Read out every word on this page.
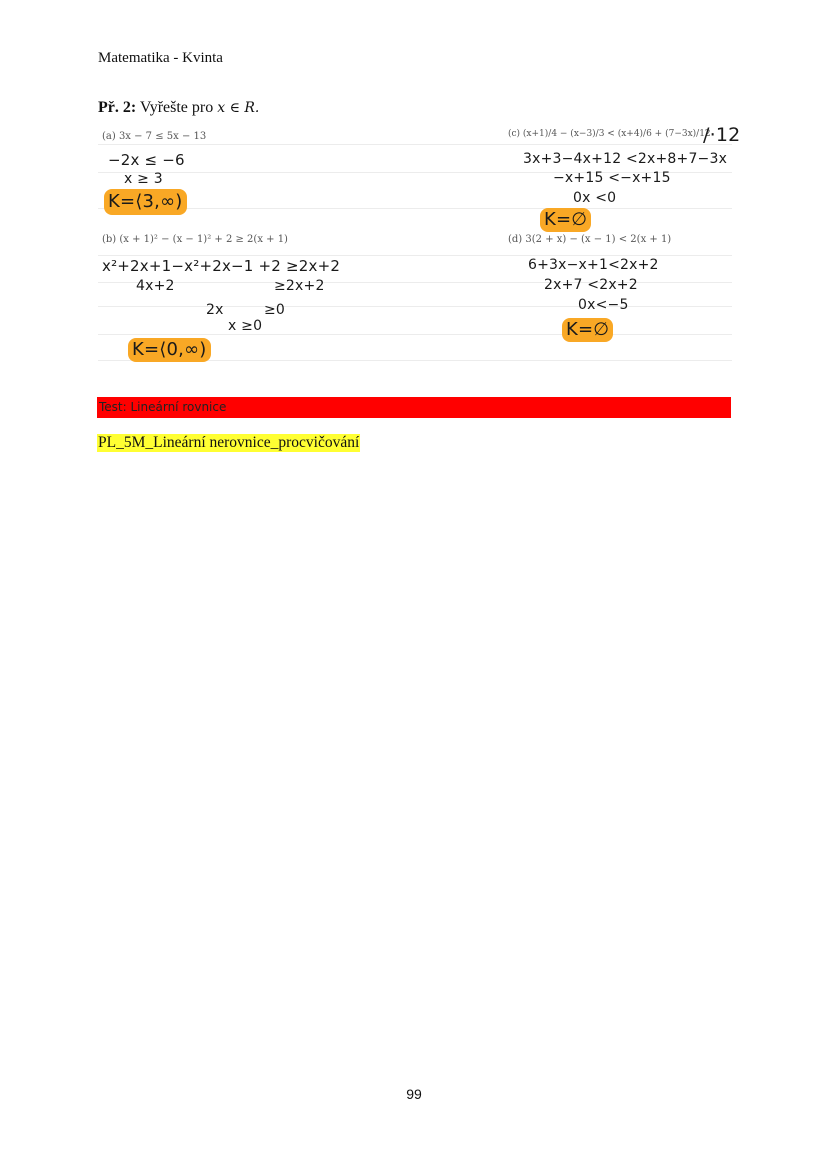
Matematika - Kvinta
Př. 2: Vyřešte pro x ∈ R.
(a) 3x − 7 ≤ 5x − 13
−2x ≤ −6
x ≥ 3
K=⟨3,∞)
(b) (x + 1)² − (x − 1)² + 2 ≥ 2(x + 1)
x²+2x+1−x²+2x−1 +2 ≥2x+2
4x+2	≥2x+2
2x	≥0
x ≥0
K=⟨0,∞)
(c) (x+1)/4 − (x−3)/3 < (x+4)/6 + (7−3x)/12
/·12
3x+3−4x+12 <2x+8+7−3x
−x+15 <−x+15
0x <0
K=∅
(d) 3(2 + x) − (x − 1) < 2(x + 1)
6+3x−x+1<2x+2
2x+7 <2x+2
0x<−5
K=∅
Test: Lineární rovnice
PL_5M_Lineární nerovnice_procvičování
99
